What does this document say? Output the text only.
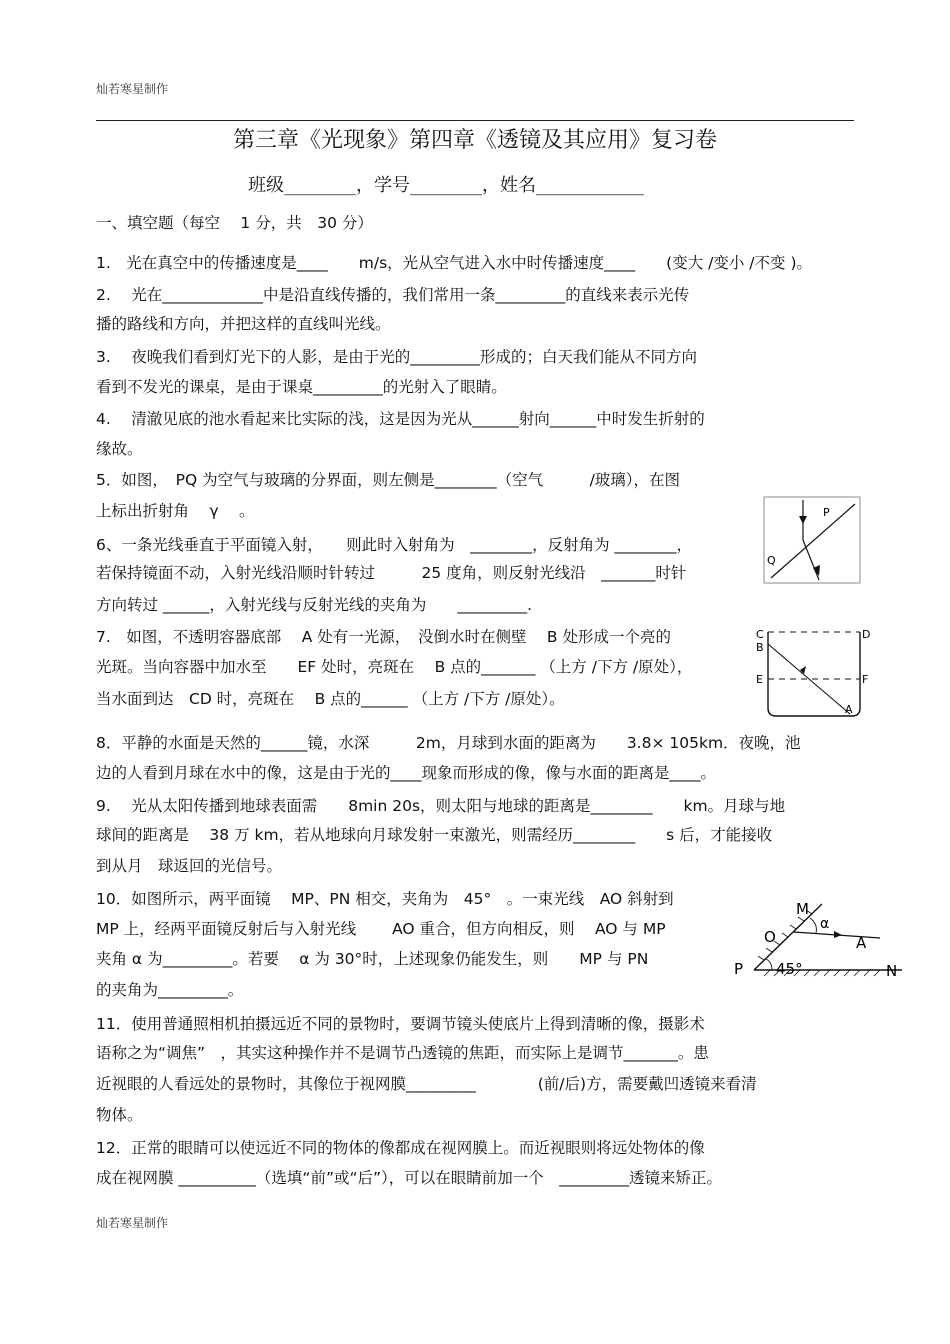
灿若寒星制作
第三章《光现象》第四章《透镜及其应用》复习卷
班级________，学号________，姓名____________
一、填空题（每空 　1 分，共　30 分）
1.　光在真空中的传播速度是____　　m/s，光从空气进入水中时传播速度____　　(变大 /变小 /不变 )。
2.　 光在_____________中是沿直线传播的，我们常用一条_________的直线来表示光传
播的路线和方向，并把这样的直线叫光线。
3.　 夜晚我们看到灯光下的人影，是由于光的_________形成的；白天我们能从不同方向
看到不发光的课桌，是由于课桌_________的光射入了眼睛。
4.　 清澈见底的池水看起来比实际的浅，这是因为光从______射向______中时发生折射的
缘故。
5．如图，　PQ 为空气与玻璃的分界面，则左侧是________（空气　　　/玻璃），在图
上标出折射角　 γ　 。
6、一条光线垂直于平面镜入射，　　则此时入射角为　________，反射角为 ________，
若保持镜面不动，入射光线沿顺时针转过　　　25 度角，则反射光线沿　_______时针
方向转过 ______，入射光线与反射光线的夹角为　　_________.
7.　如图，不透明容器底部　 A 处有一光源，　没倒水时在侧壁　 B 处形成一个亮的
光斑。当向容器中加水至　　EF 处时，亮斑在　 B 点的_______ （上方 /下方 /原处），
当水面到达　CD 时，亮斑在　 B 点的______ （上方 /下方 /原处）。
8．平静的水面是天然的______镜，水深　　　2m，月球到水面的距离为　　3.8× 105km．夜晚，池
边的人看到月球在水中的像，这是由于光的____现象而形成的像，像与水面的距离是____。
9.　 光从太阳传播到地球表面需　　8min 20s，则太阳与地球的距离是________　　km。月球与地
球间的距离是　 38 万 km，若从地球向月球发射一束激光，则需经历________　　s 后，才能接收
到从月　球返回的光信号。
10．如图所示，两平面镜　 MP、PN 相交，夹角为　45°　。一束光线　AO 斜射到
MP 上，经两平面镜反射后与入射光线　　 AO 重合，但方向相反，则　 AO 与 MP
夹角 α 为_________。若要　 α 为 30°时，上述现象仍能发生，则　　MP 与 PN
的夹角为_________。
11．使用普通照相机拍摄远近不同的景物时，要调节镜头使底片上得到清晰的像，摄影术
语称之为“调焦”　，其实这种操作并不是调节凸透镜的焦距，而实际上是调节_______。患
近视眼的人看远处的景物时，其像位于视网膜_________　　　　(前/后)方，需要戴凹透镜来看清
物体。
12．正常的眼睛可以使远近不同的物体的像都成在视网膜上。而近视眼则将远处物体的像
成在视网膜 __________（选填“前”或“后”），可以在眼睛前加一个　_________透镜来矫正。
P
Q
C
B
D
E	F
A
M
O
α
A
P 45°	N
灿若寒星制作
